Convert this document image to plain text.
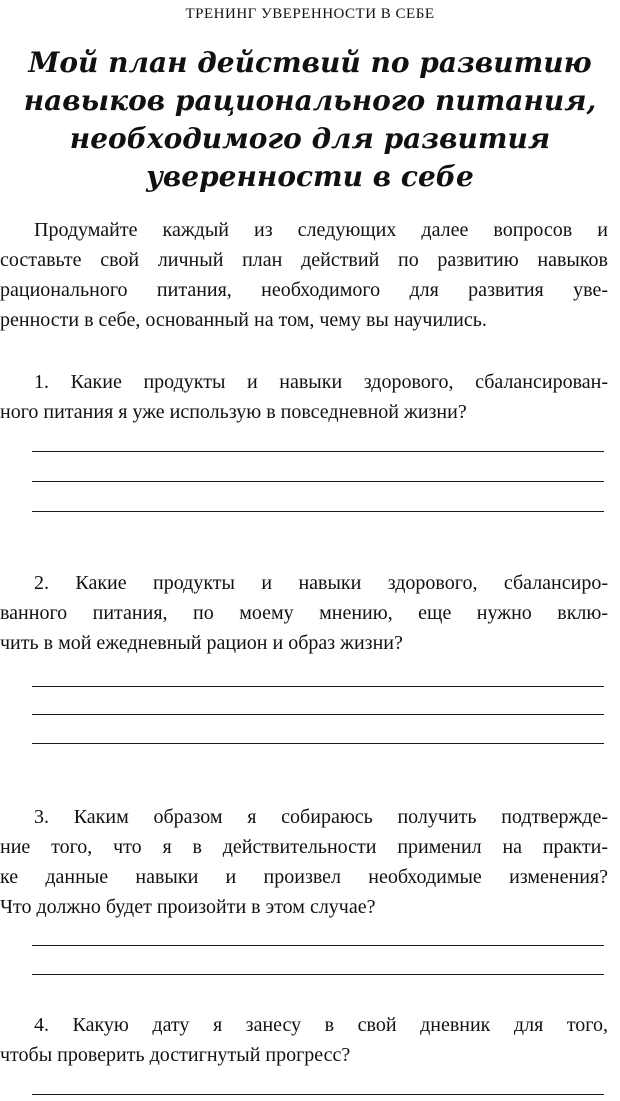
ТРЕНИНГ УВЕРЕННОСТИ В СЕБЕ
Мой план действий по развитию
навыков рационального питания,
необходимого для развития
уверенности в себе
Продумайте каждый из следующих далее вопросов и
составьте свой личный план действий по развитию навыков
рационального питания, необходимого для развития уве-
ренности в себе, основанный на том, чему вы научились.
1. Какие продукты и навыки здорового, сбалансирован-
ного питания я уже использую в повседневной жизни?
2. Какие продукты и навыки здорового, сбалансиро-
ванного питания, по моему мнению, еще нужно вклю-
чить в мой ежедневный рацион и образ жизни?
3. Каким образом я собираюсь получить подтвержде-
ние того, что я в действительности применил на практи-
ке данные навыки и произвел необходимые изменения?
Что должно будет произойти в этом случае?
4. Какую дату я занесу в свой дневник для того,
чтобы проверить достигнутый прогресс?
